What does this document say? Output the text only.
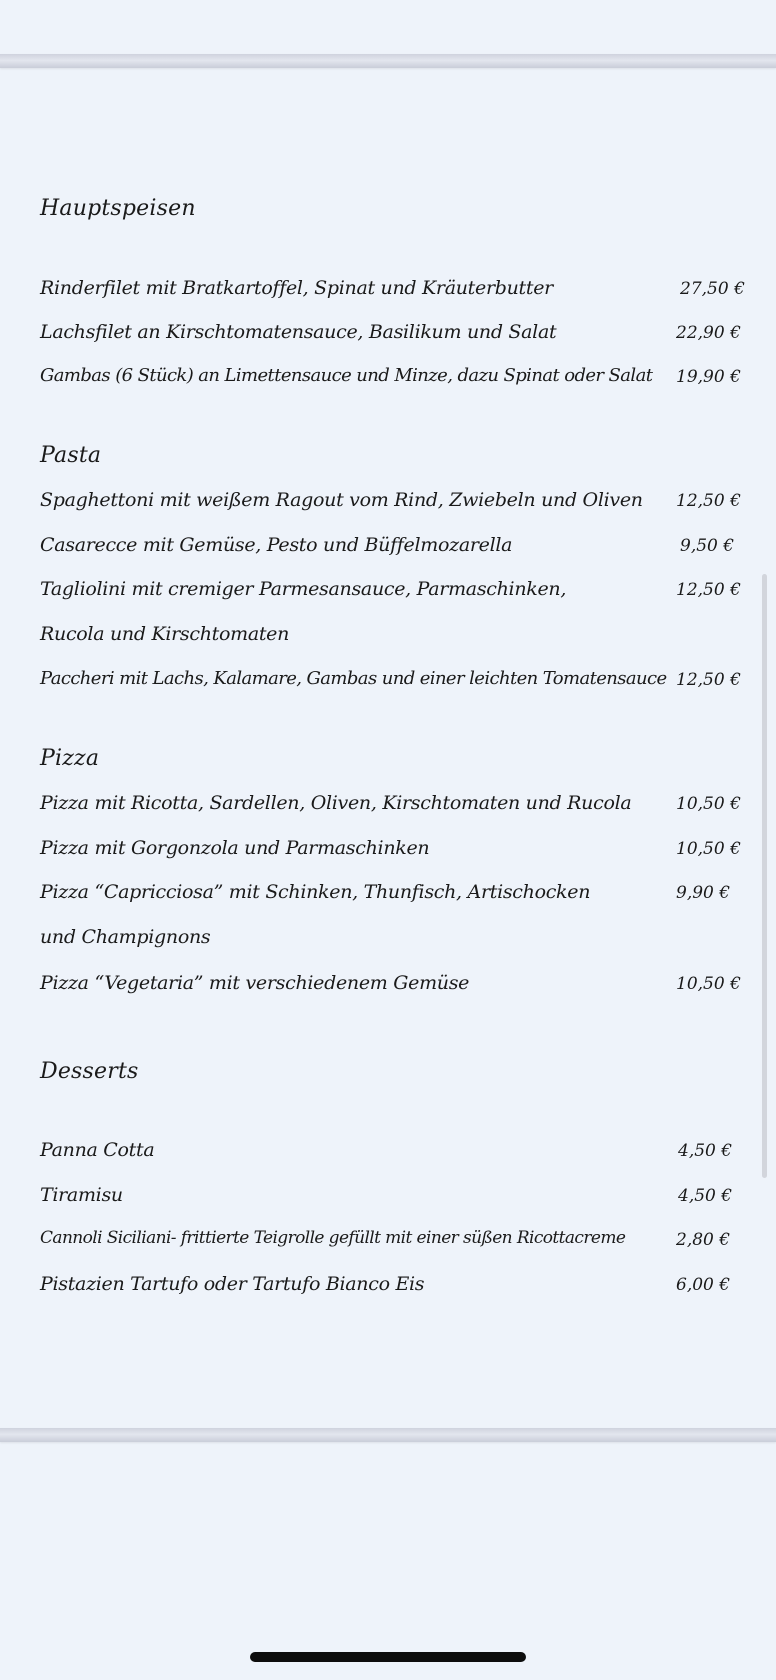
Hauptspeisen
Rinderfilet mit Bratkartoffel, Spinat und Kräuterbutter	27,50 €
Lachsfilet an Kirschtomatensauce, Basilikum und Salat	22,90 €
Gambas (6 Stück) an Limettensauce und Minze, dazu Spinat oder Salat	19,90 €
Pasta
Spaghettoni mit weißem Ragout vom Rind, Zwiebeln und Oliven	12,50 €
Casarecce mit Gemüse, Pesto und Büffelmozarella	9,50 €
Tagliolini mit cremiger Parmesansauce, Parmaschinken,	12,50 €
Rucola und Kirschtomaten
Paccheri mit Lachs, Kalamare, Gambas und einer leichten Tomatensauce 12,50 €
Pizza
Pizza mit Ricotta, Sardellen, Oliven, Kirschtomaten und Rucola	10,50 €
Pizza mit Gorgonzola und Parmaschinken	10,50 €
Pizza “Capricciosa” mit Schinken, Thunfisch, Artischocken	9,90 €
und Champignons
Pizza “Vegetaria” mit verschiedenem Gemüse	10,50 €
Desserts
Panna Cotta	4,50 €
Tiramisu	4,50 €
Cannoli Siciliani- frittierte Teigrolle gefüllt mit einer süßen Ricottacreme	2,80 €
Pistazien Tartufo oder Tartufo Bianco Eis	6,00 €
